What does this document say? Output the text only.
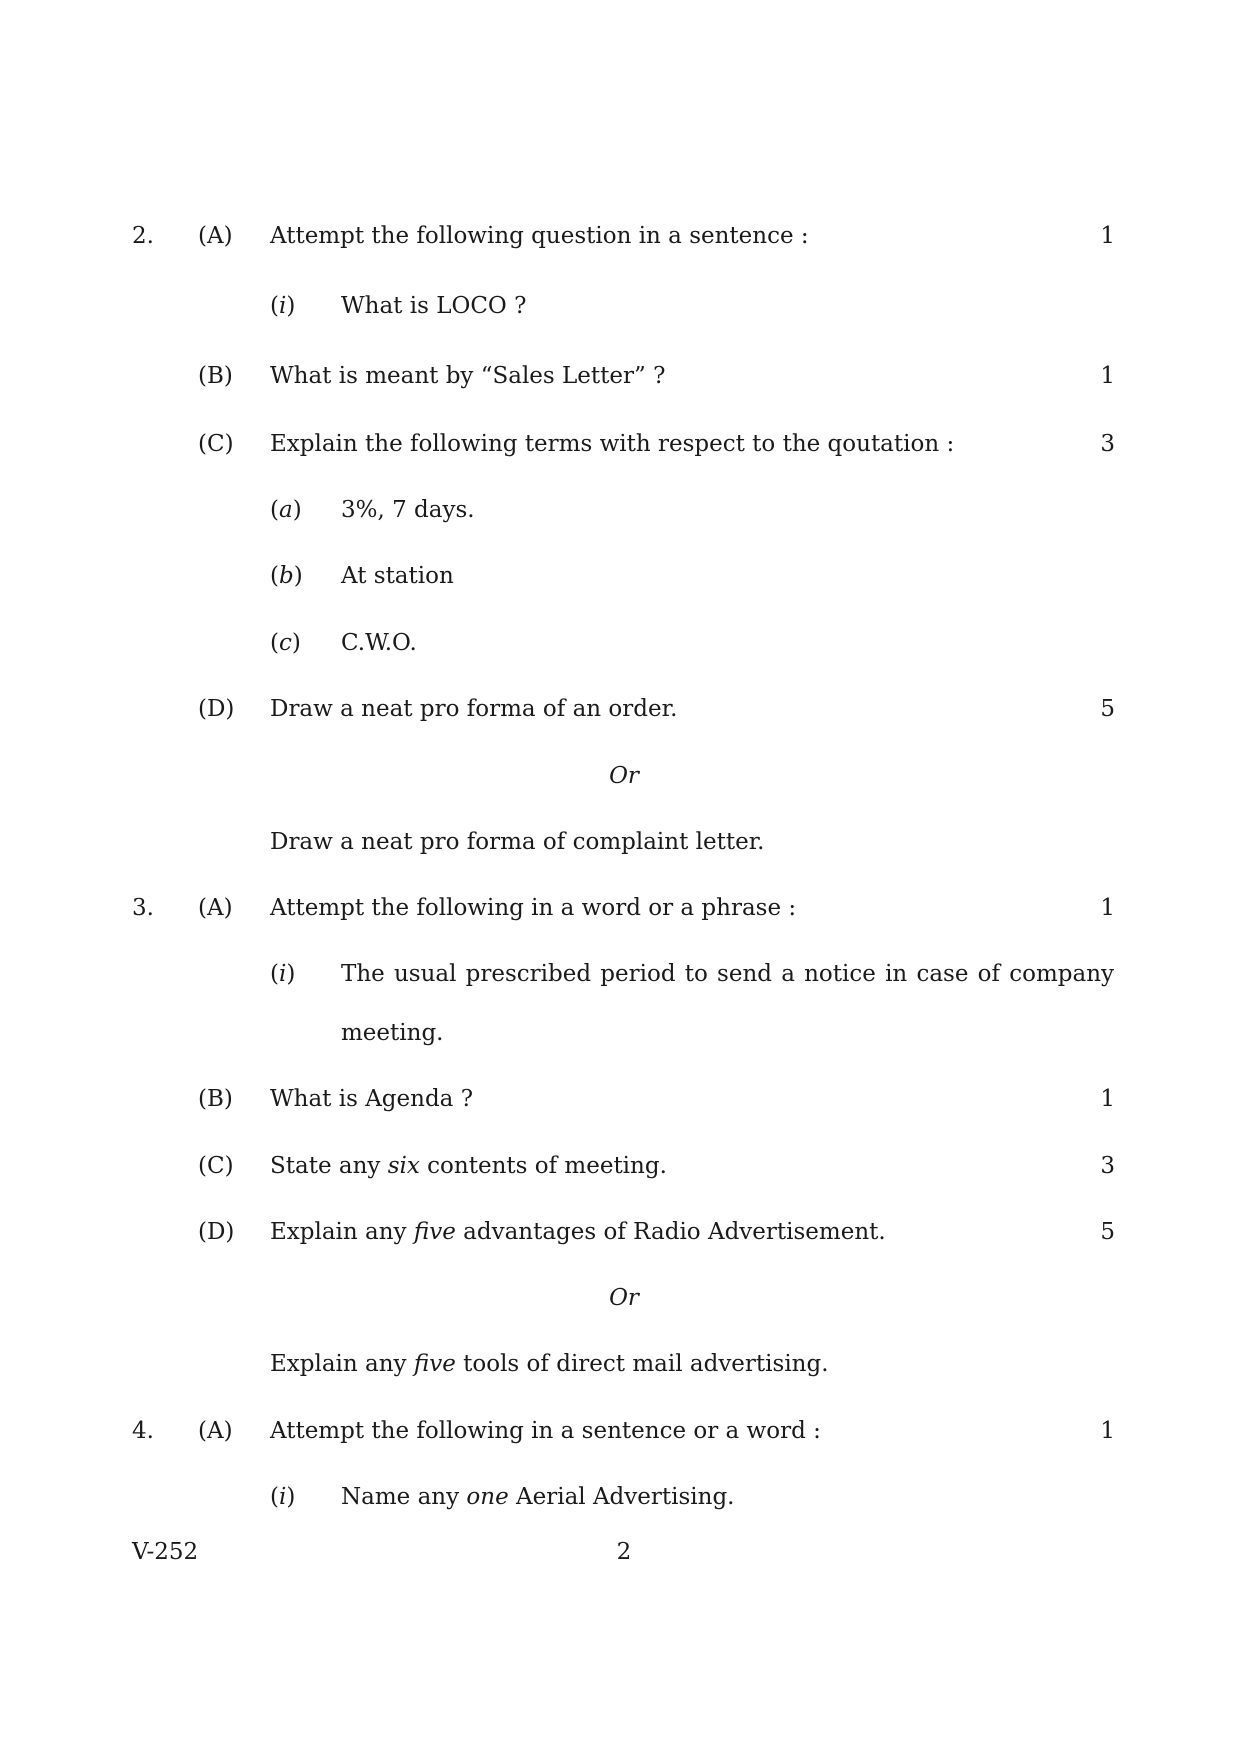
2. (A) Attempt the following question in a sentence :	1
(i) What is LOCO ?
(B) What is meant by “Sales Letter” ?	1
(C) Explain the following terms with respect to the qoutation :	3
(a) 3%, 7 days.
(b) At station
(c) C.W.O.
(D) Draw a neat pro forma of an order.	5
Or
Draw a neat pro forma of complaint letter.
3. (A) Attempt the following in a word or a phrase :	1
(i) The usual prescribed period to send a notice in case of company
meeting.
(B) What is Agenda ?	1
(C) State any six contents of meeting.	3
(D) Explain any five advantages of Radio Advertisement.	5
Or
Explain any five tools of direct mail advertising.
4. (A) Attempt the following in a sentence or a word :	1
(i) Name any one Aerial Advertising.
V-252	2
